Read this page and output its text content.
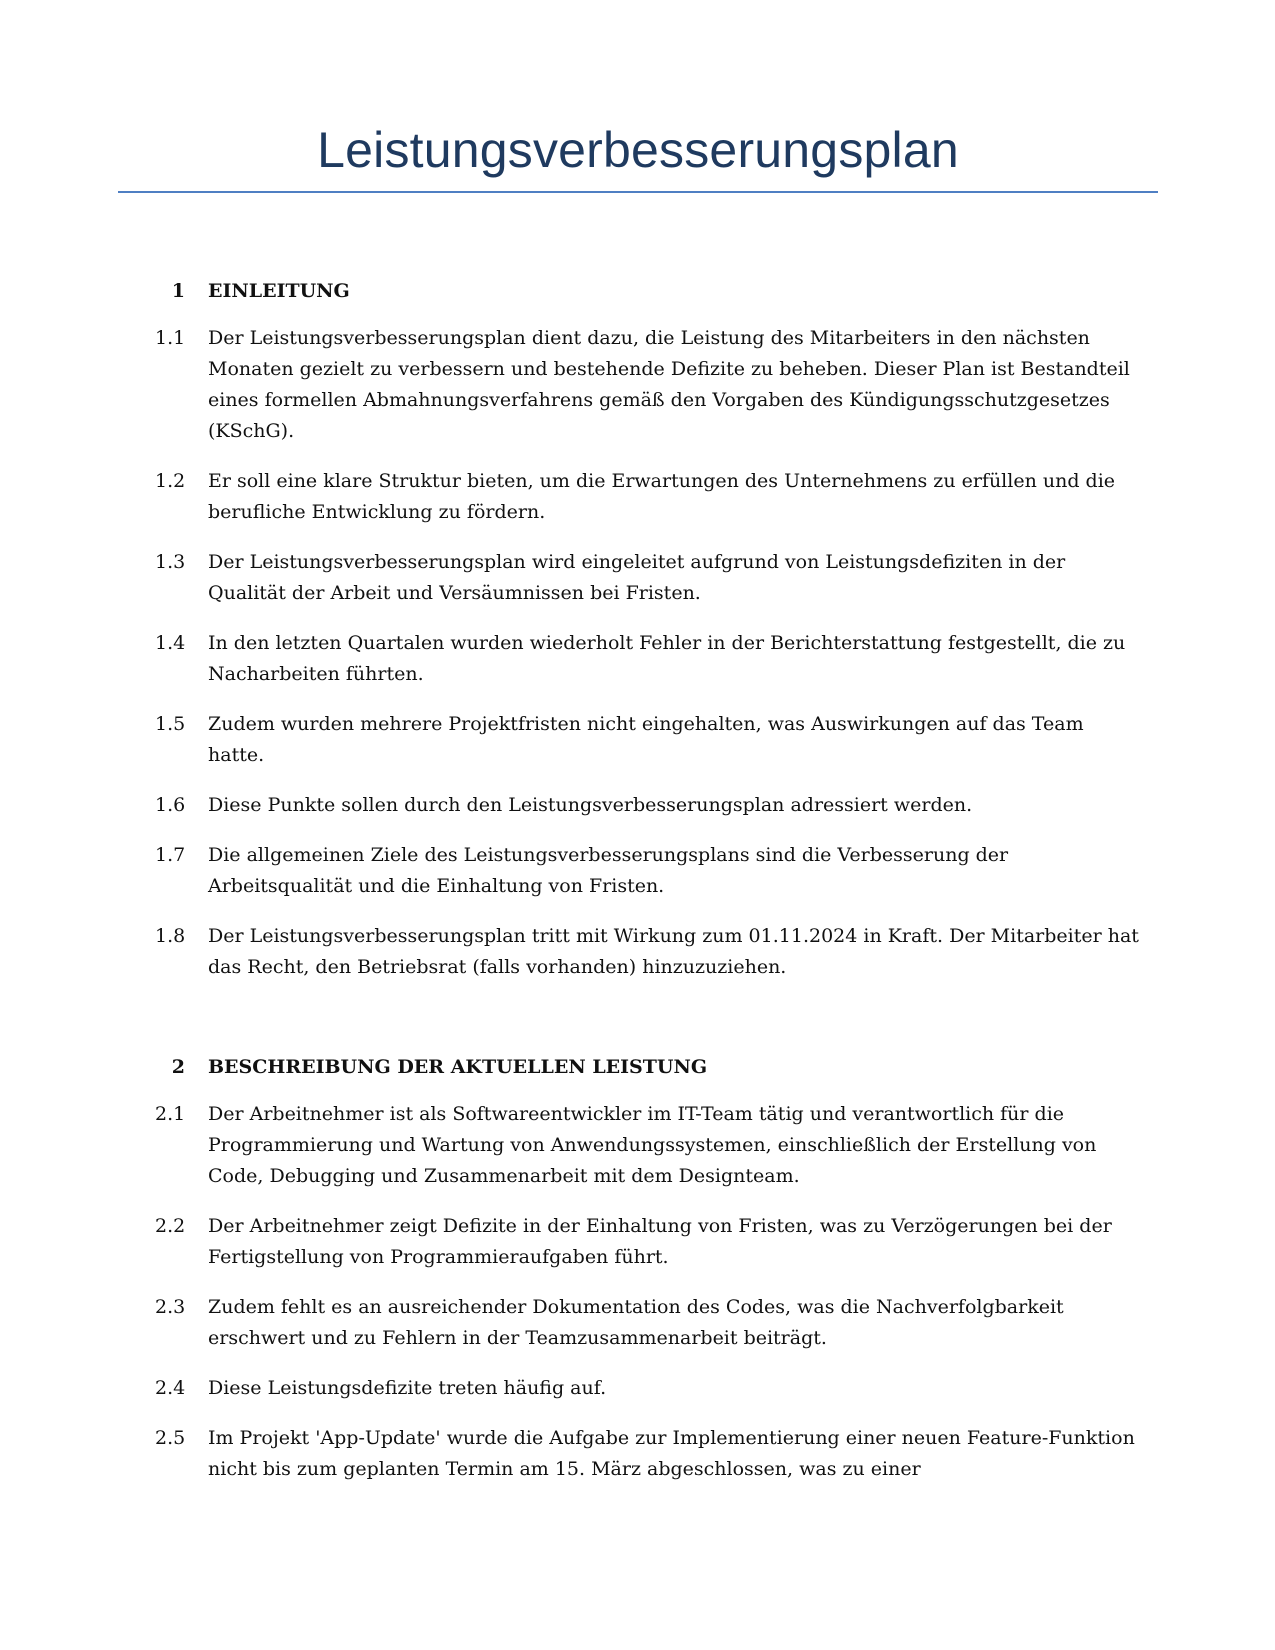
Leistungsverbesserungsplan
1 EINLEITUNG
1.1 Der Leistungsverbesserungsplan dient dazu, die Leistung des Mitarbeiters in den nächsten Monaten gezielt zu verbessern und bestehende Defizite zu beheben. Dieser Plan ist Bestandteil eines formellen Abmahnungsverfahrens gemäß den Vorgaben des Kündigungsschutzgesetzes (KSchG).
1.2 Er soll eine klare Struktur bieten, um die Erwartungen des Unternehmens zu erfüllen und die berufliche Entwicklung zu fördern.
1.3 Der Leistungsverbesserungsplan wird eingeleitet aufgrund von Leistungsdefiziten in der Qualität der Arbeit und Versäumnissen bei Fristen.
1.4 In den letzten Quartalen wurden wiederholt Fehler in der Berichterstattung festgestellt, die zu Nacharbeiten führten.
1.5 Zudem wurden mehrere Projektfristen nicht eingehalten, was Auswirkungen auf das Team hatte.
1.6 Diese Punkte sollen durch den Leistungsverbesserungsplan adressiert werden.
1.7 Die allgemeinen Ziele des Leistungsverbesserungsplans sind die Verbesserung der Arbeitsqualität und die Einhaltung von Fristen.
1.8 Der Leistungsverbesserungsplan tritt mit Wirkung zum 01.11.2024 in Kraft. Der Mitarbeiter hat das Recht, den Betriebsrat (falls vorhanden) hinzuzuziehen.
2 BESCHREIBUNG DER AKTUELLEN LEISTUNG
2.1 Der Arbeitnehmer ist als Softwareentwickler im IT-Team tätig und verantwortlich für die Programmierung und Wartung von Anwendungssystemen, einschließlich der Erstellung von Code, Debugging und Zusammenarbeit mit dem Designteam.
2.2 Der Arbeitnehmer zeigt Defizite in der Einhaltung von Fristen, was zu Verzögerungen bei der Fertigstellung von Programmieraufgaben führt.
2.3 Zudem fehlt es an ausreichender Dokumentation des Codes, was die Nachverfolgbarkeit erschwert und zu Fehlern in der Teamzusammenarbeit beiträgt.
2.4 Diese Leistungsdefizite treten häufig auf.
2.5 Im Projekt 'App-Update' wurde die Aufgabe zur Implementierung einer neuen Feature-Funktion nicht bis zum geplanten Termin am 15. März abgeschlossen, was zu einer
